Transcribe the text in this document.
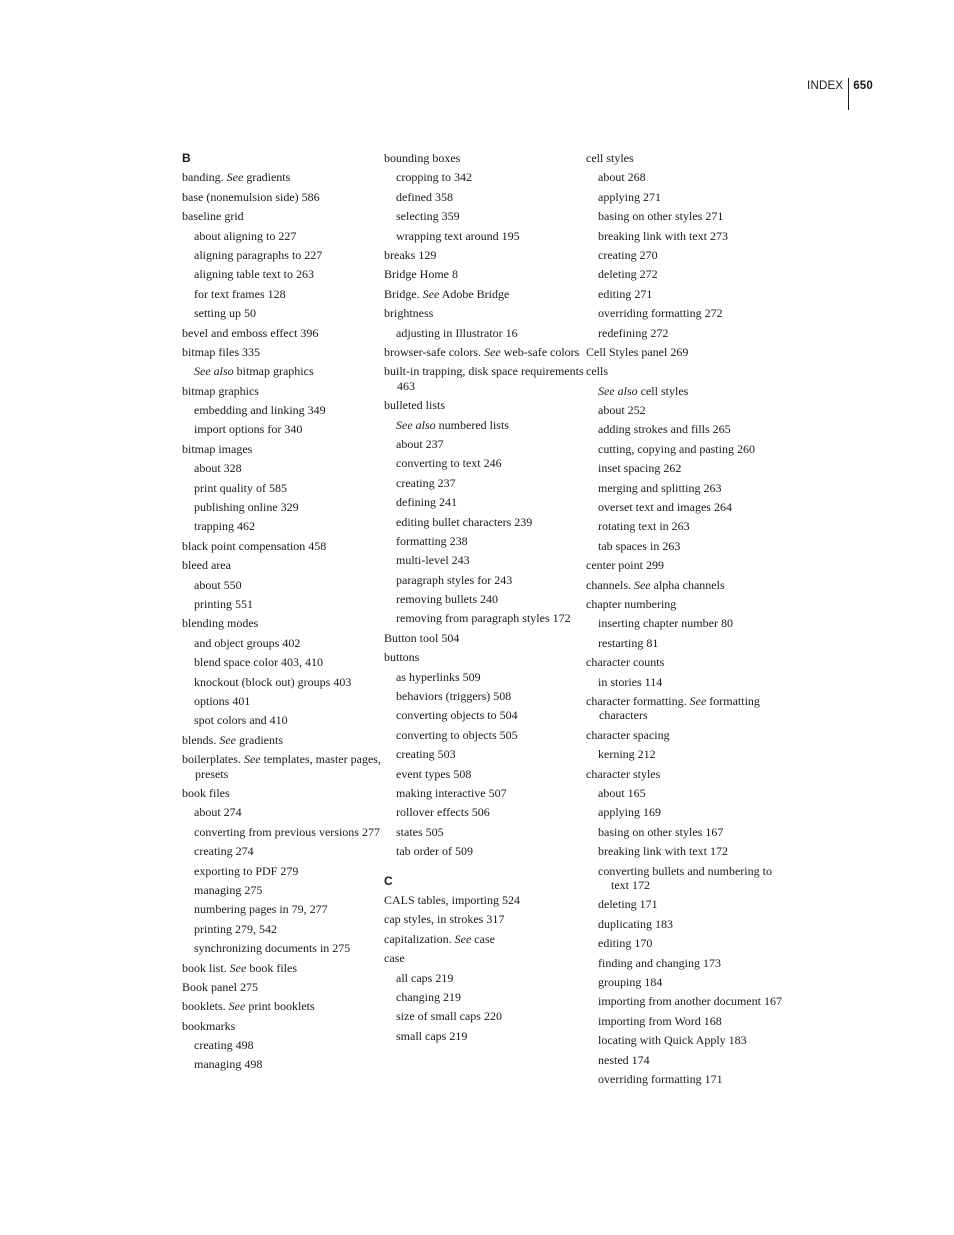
INDEX 650
B
banding. See gradients
base (nonemulsion side) 586
baseline grid
about aligning to 227
aligning paragraphs to 227
aligning table text to 263
for text frames 128
setting up 50
bevel and emboss effect 396
bitmap files 335
See also bitmap graphics
bitmap graphics
embedding and linking 349
import options for 340
bitmap images
about 328
print quality of 585
publishing online 329
trapping 462
black point compensation 458
bleed area
about 550
printing 551
blending modes
and object groups 402
blend space color 403, 410
knockout (block out) groups 403
options 401
spot colors and 410
blends. See gradients
boilerplates. See templates, master pages, presets
book files
about 274
converting from previous versions 277
creating 274
exporting to PDF 279
managing 275
numbering pages in 79, 277
printing 279, 542
synchronizing documents in 275
book list. See book files
Book panel 275
booklets. See print booklets
bookmarks
creating 498
managing 498
bounding boxes
cropping to 342
defined 358
selecting 359
wrapping text around 195
breaks 129
Bridge Home 8
Bridge. See Adobe Bridge
brightness
adjusting in Illustrator 16
browser-safe colors. See web-safe colors
built-in trapping, disk space requirements 463
bulleted lists
See also numbered lists
about 237
converting to text 246
creating 237
defining 241
editing bullet characters 239
formatting 238
multi-level 243
paragraph styles for 243
removing bullets 240
removing from paragraph styles 172
Button tool 504
buttons
as hyperlinks 509
behaviors (triggers) 508
converting objects to 504
converting to objects 505
creating 503
event types 508
making interactive 507
rollover effects 506
states 505
tab order of 509
C
CALS tables, importing 524
cap styles, in strokes 317
capitalization. See case
case
all caps 219
changing 219
size of small caps 220
small caps 219
cell styles
about 268
applying 271
basing on other styles 271
breaking link with text 273
creating 270
deleting 272
editing 271
overriding formatting 272
redefining 272
Cell Styles panel 269
cells
See also cell styles
about 252
adding strokes and fills 265
cutting, copying and pasting 260
inset spacing 262
merging and splitting 263
overset text and images 264
rotating text in 263
tab spaces in 263
center point 299
channels. See alpha channels
chapter numbering
inserting chapter number 80
restarting 81
character counts
in stories 114
character formatting. See formatting characters
character spacing
kerning 212
character styles
about 165
applying 169
basing on other styles 167
breaking link with text 172
converting bullets and numbering to text 172
deleting 171
duplicating 183
editing 170
finding and changing 173
grouping 184
importing from another document 167
importing from Word 168
locating with Quick Apply 183
nested 174
overriding formatting 171
